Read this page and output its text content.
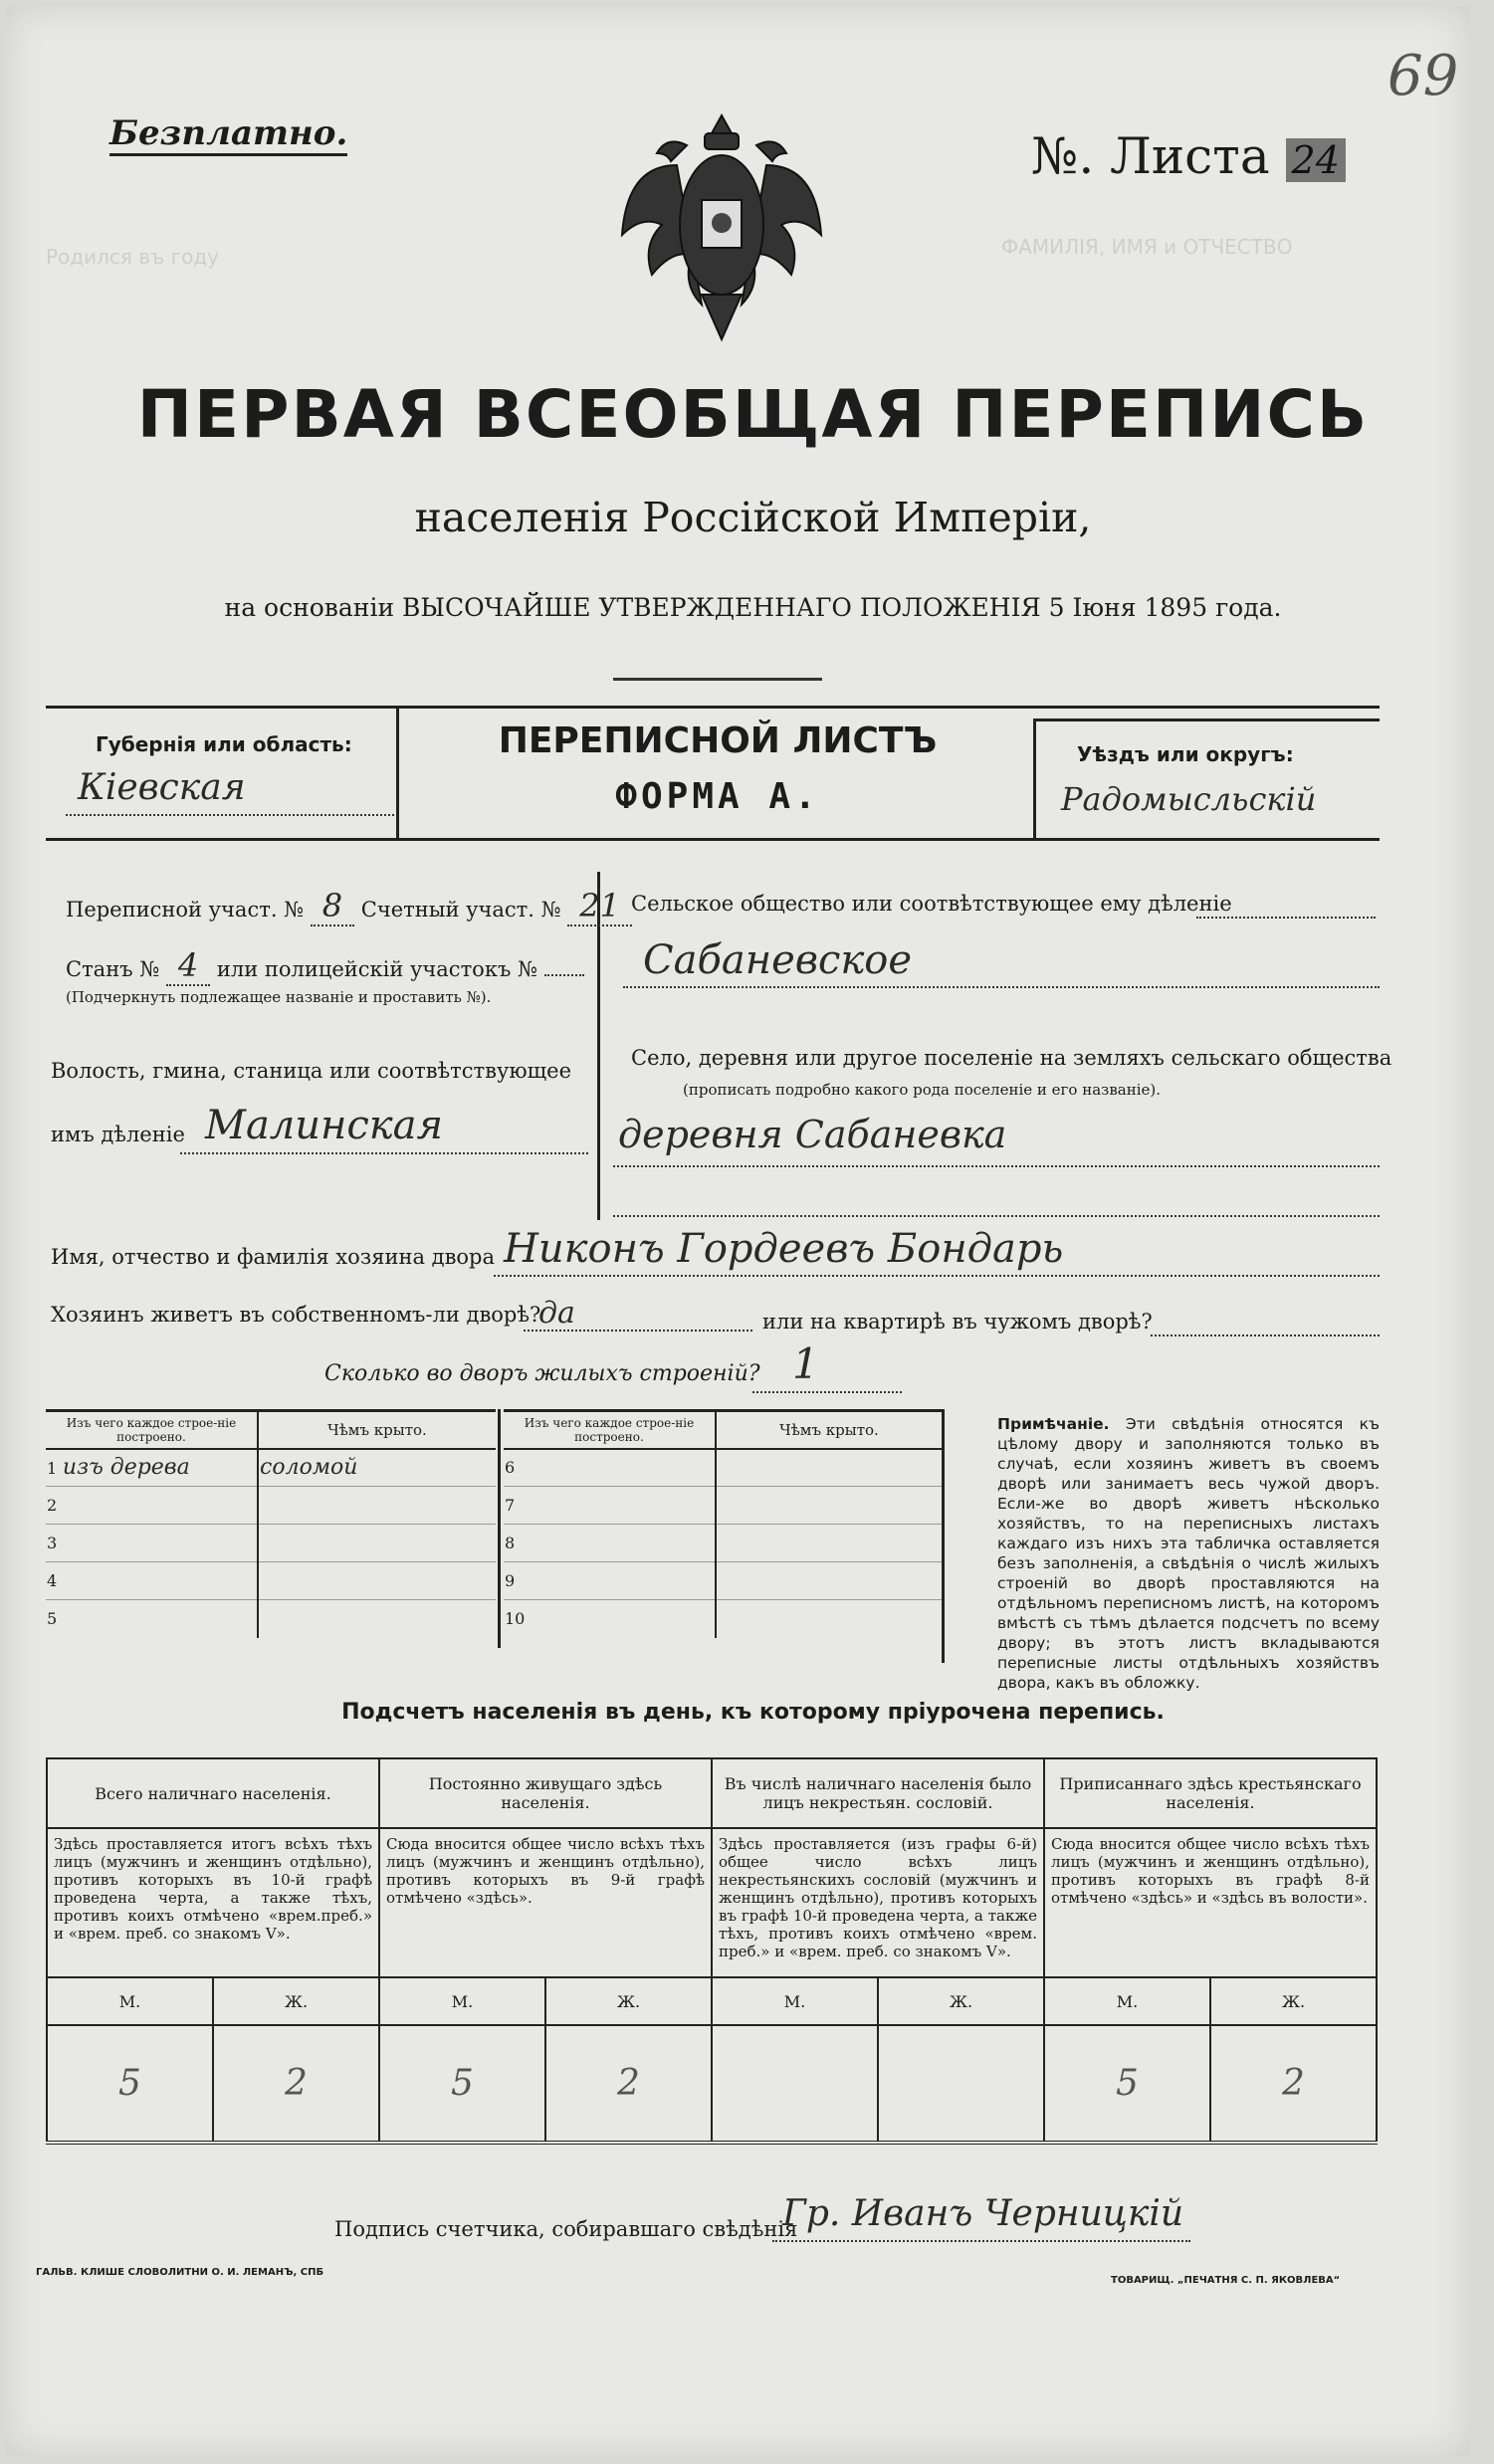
ФАМИЛІЯ, ИМЯ и ОТЧЕСТВО
Родился въ году
69
Безплатно.	№. Листа 24
ПЕРВАЯ ВСЕОБЩАЯ ПЕРЕПИСЬ
населенія Россійской Имперіи,
на основаніи ВЫСОЧАЙШЕ УТВЕРЖДЕННАГО ПОЛОЖЕНІЯ 5 Іюня 1895 года.
Губернія или область:
Кіевская
ПЕРЕПИСНОЙ ЛИСТЪ
ФОРМА А.
Уѣздъ или округъ:
Радомысльскій
Переписной участ. № 8 Счетный участ. № 21
Станъ № 4 или полицейскій участокъ №
(Подчеркнуть подлежащее названіе и проставить №).
Волость, гмина, станица или соотвѣтствующее
имъ дѣленіе Малинская
Сельское общество или соотвѣтствующее ему дѣленіе
Сабаневское
Село, деревня или другое поселеніе на земляхъ сельскаго общества
(прописать подробно какого рода поселеніе и его названіе).
деревня Сабаневка
Имя, отчество и фамилія хозяина двора Никонъ Гордеевъ Бондарь
Хозяинъ живетъ въ собственномъ-ли дворѣ?
да	или на квартирѣ въ чужомъ дворѣ?
Сколько во дворъ жилыхъ строеній? 1
Изъ чего каждое строе-ніе построено.	Чѣмъ крыто.
1 изъ дерева	соломой
2	
3	
4	
5	
Изъ чего каждое строе-ніе построено.	Чѣмъ крыто.
6	
7	
8	
9	
10	
Примѣчаніе. Эти свѣдѣнія относятся къ цѣлому двору и заполняются только въ случаѣ, если хозяинъ живетъ въ своемъ дворѣ или занимаетъ весь чужой дворъ. Если-же во дворѣ живетъ нѣсколько хозяйствъ, то на переписныхъ листахъ каждаго изъ нихъ эта табличка оставляется безъ заполненія, а свѣдѣнія о числѣ жилыхъ строеній во дворѣ проставляются на отдѣльномъ переписномъ листѣ, на которомъ вмѣстѣ съ тѣмъ дѣлается подсчетъ по всему двору; въ этотъ листъ вкладываются переписные листы отдѣльныхъ хозяйствъ двора, какъ въ обложку.
Подсчетъ населенія въ день, къ которому пріурочена перепись.
Всего наличнаго населенія.		Постоянно живущаго здѣсь населенія.		Въ числѣ наличнаго населенія было лицъ некрестьян. сословій.		Приписаннаго здѣсь крестьянскаго населенія.	
Здѣсь проставляется итогъ всѣхъ тѣхъ лицъ (мужчинъ и женщинъ отдѣльно), противъ которыхъ въ 10-й графѣ проведена черта, а также тѣхъ, противъ коихъ отмѣчено «врем.преб.» и «врем. преб. со знакомъ V».		Сюда вносится общее число всѣхъ тѣхъ лицъ (мужчинъ и женщинъ отдѣльно), противъ которыхъ въ 9-й графѣ отмѣчено «здѣсь».		Здѣсь проставляется (изъ графы 6-й) общее число всѣхъ лицъ некрестьянскихъ сословій (мужчинъ и женщинъ отдѣльно), противъ которыхъ въ графѣ 10-й проведена черта, а также тѣхъ, противъ коихъ отмѣчено «врем. преб.» и «врем. преб. со знакомъ V».		Сюда вносится общее число всѣхъ тѣхъ лицъ (мужчинъ и женщинъ отдѣльно), противъ которыхъ въ графѣ 8-й отмѣчено «здѣсь» и «здѣсь въ волости».	
М.	Ж.	М.	Ж.	М.	Ж.	М.	Ж.
5	2	5	2			5	2
Подпись счетчика, собиравшаго свѣдѣнія
Гр. Иванъ Черницкій
ГАЛЬВ. КЛИШЕ СЛОВОЛИТНИ О. И. ЛЕМАНЪ, СПБ
ТОВАРИЩ. „ПЕЧАТНЯ С. П. ЯКОВЛЕВА“
